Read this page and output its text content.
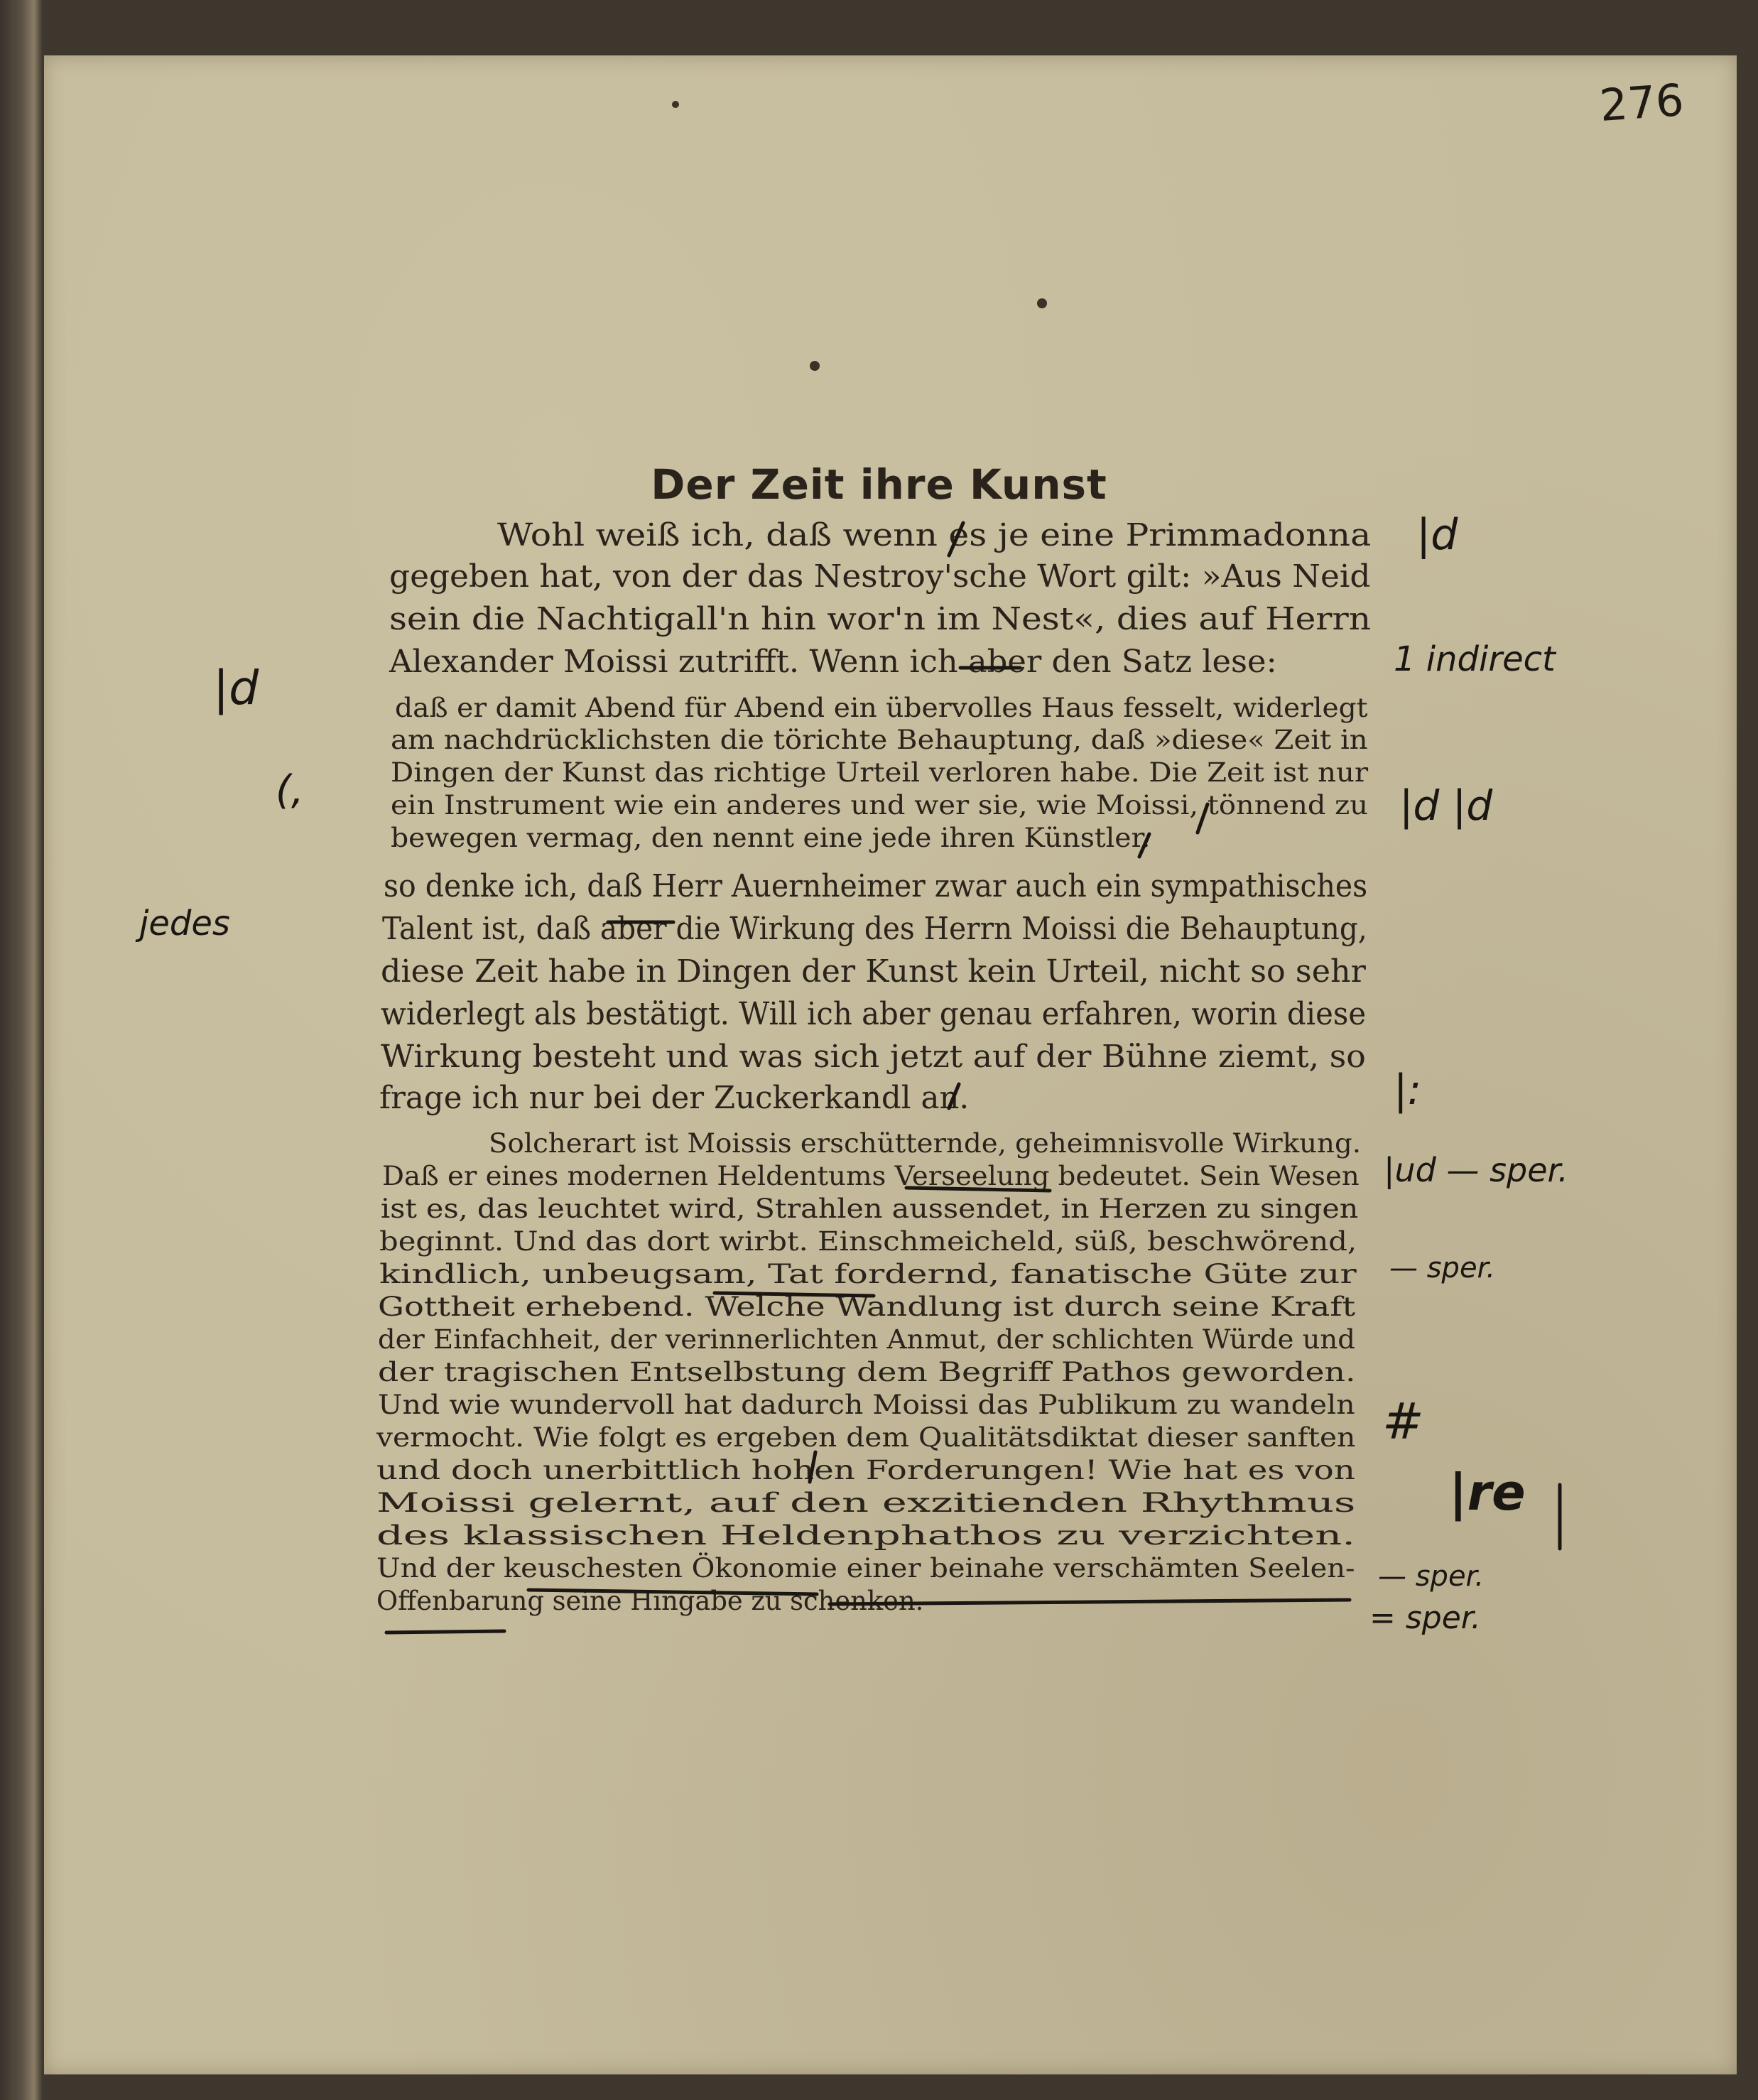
276
Der Zeit ihre Kunst
Wohl weiß ich, daß wenn es je eine Primmadonna
gegeben hat, von der das Nestroy'sche Wort gilt: »Aus Neid
sein die Nachtigall'n hin wor'n im Nest«, dies auf Herrn
Alexander Moissi zutrifft. Wenn ich aber den Satz lese:
daß er damit Abend für Abend ein übervolles Haus fesselt, widerlegt
am nachdrücklichsten die törichte Behauptung, daß »diese« Zeit in
Dingen der Kunst das richtige Urteil verloren habe. Die Zeit ist nur
ein Instrument wie ein anderes und wer sie, wie Moissi, tönnend zu
bewegen vermag, den nennt eine jede ihren Künstler.
so denke ich, daß Herr Auernheimer zwar auch ein sympathisches
Talent ist, daß aber die Wirkung des Herrn Moissi die Behauptung,
diese Zeit habe in Dingen der Kunst kein Urteil, nicht so sehr
widerlegt als bestätigt. Will ich aber genau erfahren, worin diese
Wirkung besteht und was sich jetzt auf der Bühne ziemt, so
frage ich nur bei der Zuckerkandl an.
Solcherart ist Moissis erschütternde, geheimnisvolle Wirkung.
Daß er eines modernen Heldentums Verseelung bedeutet. Sein Wesen
ist es, das leuchtet wird, Strahlen aussendet, in Herzen zu singen
beginnt. Und das dort wirbt. Einschmeicheld, süß, beschwörend,
kindlich, unbeugsam, Tat fordernd, fanatische Güte zur
Gottheit erhebend. Welche Wandlung ist durch seine Kraft
der Einfachheit, der verinnerlichten Anmut, der schlichten Würde und
der tragischen Entselbstung dem Begriff Pathos geworden.
Und wie wundervoll hat dadurch Moissi das Publikum zu wandeln
vermocht. Wie folgt es ergeben dem Qualitätsdiktat dieser sanften
und doch unerbittlich hohen Forderungen! Wie hat es von
Moissi gelernt, auf den exzitienden Rhythmus
des klassischen Heldenphathos zu verzichten.
Und der keuschesten Ökonomie einer beinahe verschämten Seelen-
Offenbarung seine Hingabe zu schenken.
|d
(,
jedes
|d
1 indirect
|d |d
|:
|ud — sper.
— sper.
#
|re
— sper.
= sper.
